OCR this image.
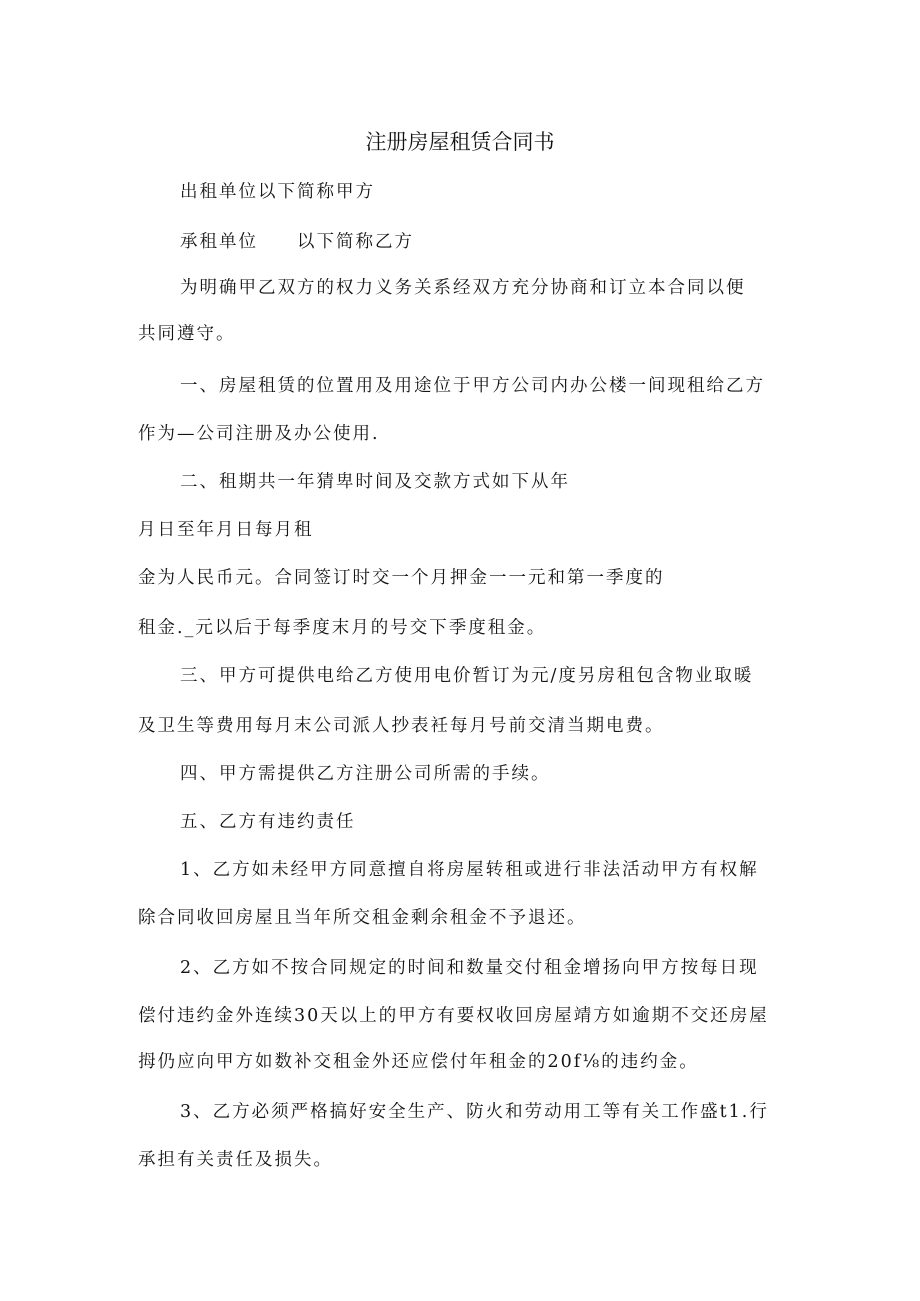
注册房屋租赁合同书
出租单位以下简称甲方
承租单位　　以下简称乙方
为明确甲乙双方的权力义务关系经双方充分协商和订立本合同以便
共同遵守。
一、房屋租赁的位置用及用途位于甲方公司内办公楼一间现租给乙方
作为—公司注册及办公使用.
二、租期共一年猜卑时间及交款方式如下从年
月日至年月日每月租
金为人民币元。合同签订时交一个月押金一一元和第一季度的
租金._元以后于每季度末月的号交下季度租金。
三、甲方可提供电给乙方使用电价暂订为元/度另房租包含物业取暖
及卫生等费用每月末公司派人抄表衽每月号前交清当期电费。
四、甲方需提供乙方注册公司所需的手续。
五、乙方有违约责任
1、乙方如未经甲方同意擅自将房屋转租或进行非法活动甲方有权解
除合同收回房屋且当年所交租金剩余租金不予退还。
2、乙方如不按合同规定的时间和数量交付租金增扬向甲方按每日现
偿付违约金外连续30天以上的甲方有要权收回房屋靖方如逾期不交还房屋
拇仍应向甲方如数补交租金外还应偿付年租金的20f⅛的违约金。
3、乙方必须严格搞好安全生产、防火和劳动用工等有关工作盛t1.行
承担有关责任及损失。
